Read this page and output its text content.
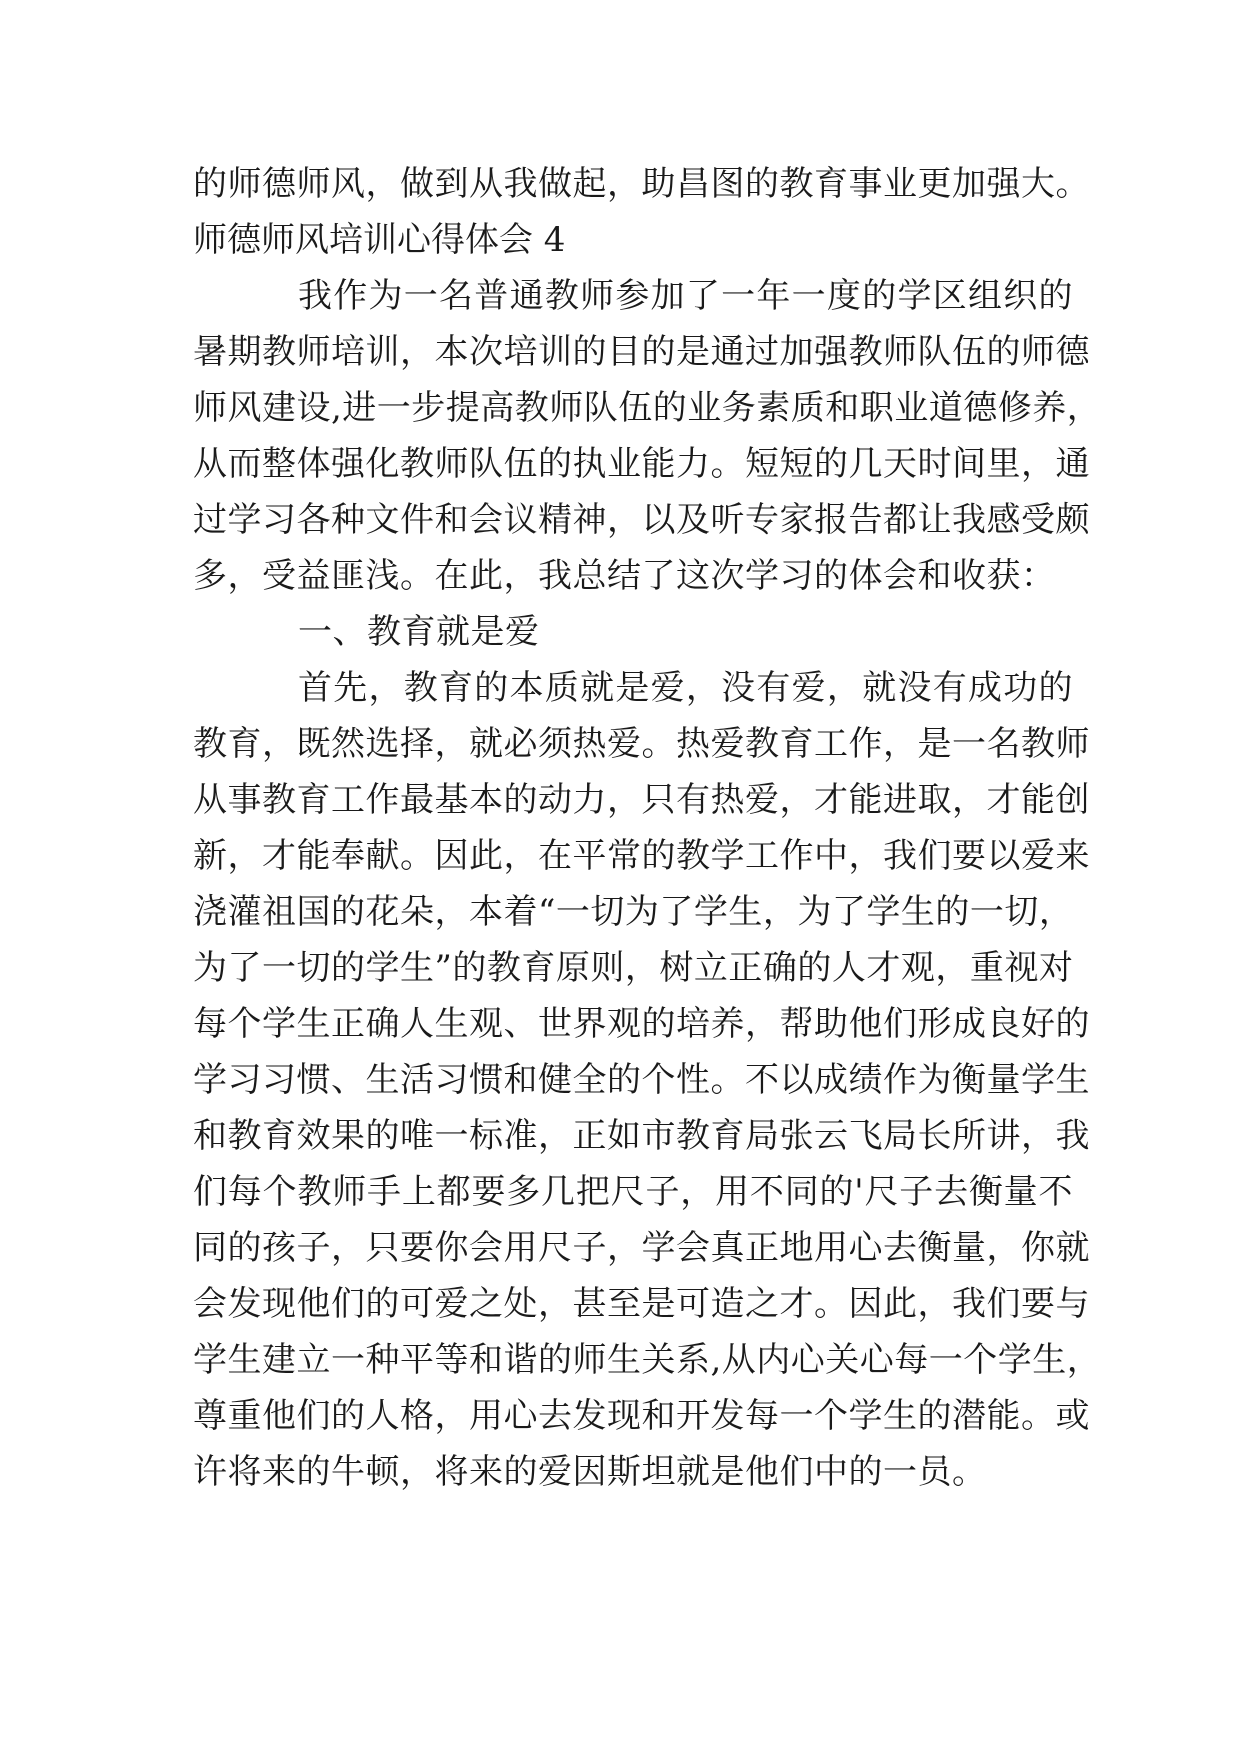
的师德师风，做到从我做起，助昌图的教育事业更加强大。
师德师风培训心得体会 4
我作为一名普通教师参加了一年一度的学区组织的
暑期教师培训，本次培训的目的是通过加强教师队伍的师德
师风建设,进一步提高教师队伍的业务素质和职业道德修养，
从而整体强化教师队伍的执业能力。短短的几天时间里，通
过学习各种文件和会议精神，以及听专家报告都让我感受颇
多，受益匪浅。在此，我总结了这次学习的体会和收获：
一、教育就是爱
首先，教育的本质就是爱，没有爱，就没有成功的
教育，既然选择，就必须热爱。热爱教育工作，是一名教师
从事教育工作最基本的动力，只有热爱，才能进取，才能创
新，才能奉献。因此，在平常的教学工作中，我们要以爱来
浇灌祖国的花朵，本着“一切为了学生，为了学生的一切，
为了一切的学生”的教育原则，树立正确的人才观，重视对
每个学生正确人生观、世界观的培养，帮助他们形成良好的
学习习惯、生活习惯和健全的个性。不以成绩作为衡量学生
和教育效果的唯一标准，正如市教育局张云飞局长所讲，我
们每个教师手上都要多几把尺子，用不同的'尺子去衡量不
同的孩子，只要你会用尺子，学会真正地用心去衡量，你就
会发现他们的可爱之处，甚至是可造之才。因此，我们要与
学生建立一种平等和谐的师生关系,从内心关心每一个学生，
尊重他们的人格，用心去发现和开发每一个学生的潜能。或
许将来的牛顿，将来的爱因斯坦就是他们中的一员。
